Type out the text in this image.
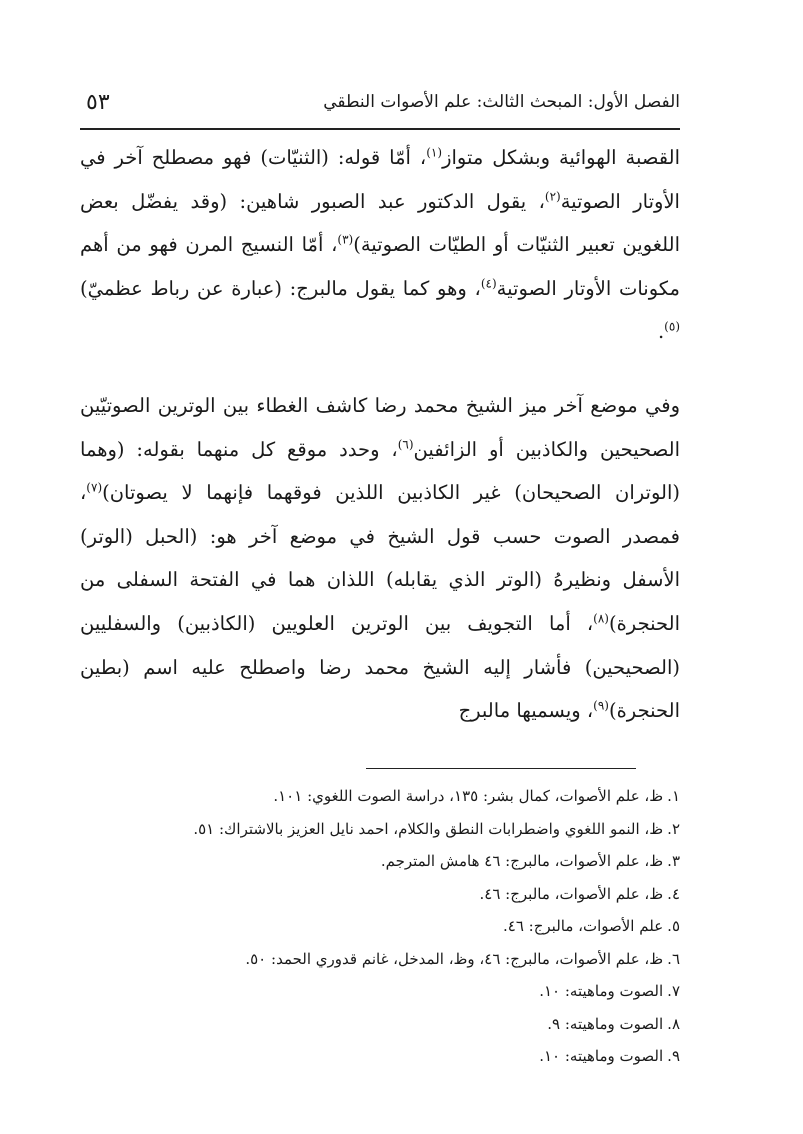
الفصل الأول: المبحث الثالث: علم الأصوات النطقي
٥٣

القصبة الهوائية وبشكل متواز$^{(١)}$، أمّا قوله: (الثنيّات) فهو مصطلح آخر في الأوتار الصوتية$^{(٢)}$، يقول الدكتور عبد الصبور شاهين: (وقد يفضّل بعض اللغوين تعبير الثنيّات أو الطيّات الصوتية)$^{(٣)}$، أمّا النسيج المرن فهو من أهم مكونات الأوتار الصوتية$^{(٤)}$، وهو كما يقول مالبرج: (عبارة عن رباط عظميّ)$^{(٥)}$.

وفي موضع آخر ميز الشيخ محمد رضا كاشف الغطاء بين الوترين الصوتيّين الصحيحين والكاذبين أو الزائفين$^{(٦)}$، وحدد موقع كل منهما بقوله: (وهما (الوتران الصحيحان) غير الكاذبين اللذين فوقهما فإنهما لا يصوتان)$^{(٧)}$، فمصدر الصوت حسب قول الشيخ في موضع آخر هو: (الحبل (الوتر) الأسفل ونظيرهُ (الوتر الذي يقابله) اللذان هما في الفتحة السفلى من الحنجرة)$^{(٨)}$، أما التجويف بين الوترين العلويين (الكاذبين) والسفليين (الصحيحين) فأشار إليه الشيخ محمد رضا واصطلح عليه اسم (بطين الحنجرة)$^{(٩)}$، ويسميها مالبرج

١.
ظ، علم الأصوات، كمال بشر: ١٣٥، دراسة الصوت اللغوي: ١٠١.
٢.
ظ، النمو اللغوي واضطرابات النطق والكلام، احمد نايل العزيز بالاشتراك: ٥١.
٣.
ظ، علم الأصوات، مالبرج: ٤٦ هامش المترجم.
٤.
ظ، علم الأصوات، مالبرج: ٤٦.
٥.
علم الأصوات، مالبرج: ٤٦.
٦.
ظ، علم الأصوات، مالبرج: ٤٦، وظ، المدخل، غانم قدوري الحمد: ٥٠.
٧.
الصوت وماهيته: ١٠.
٨.
الصوت وماهيته: ٩.
٩.
الصوت وماهيته: ١٠.
